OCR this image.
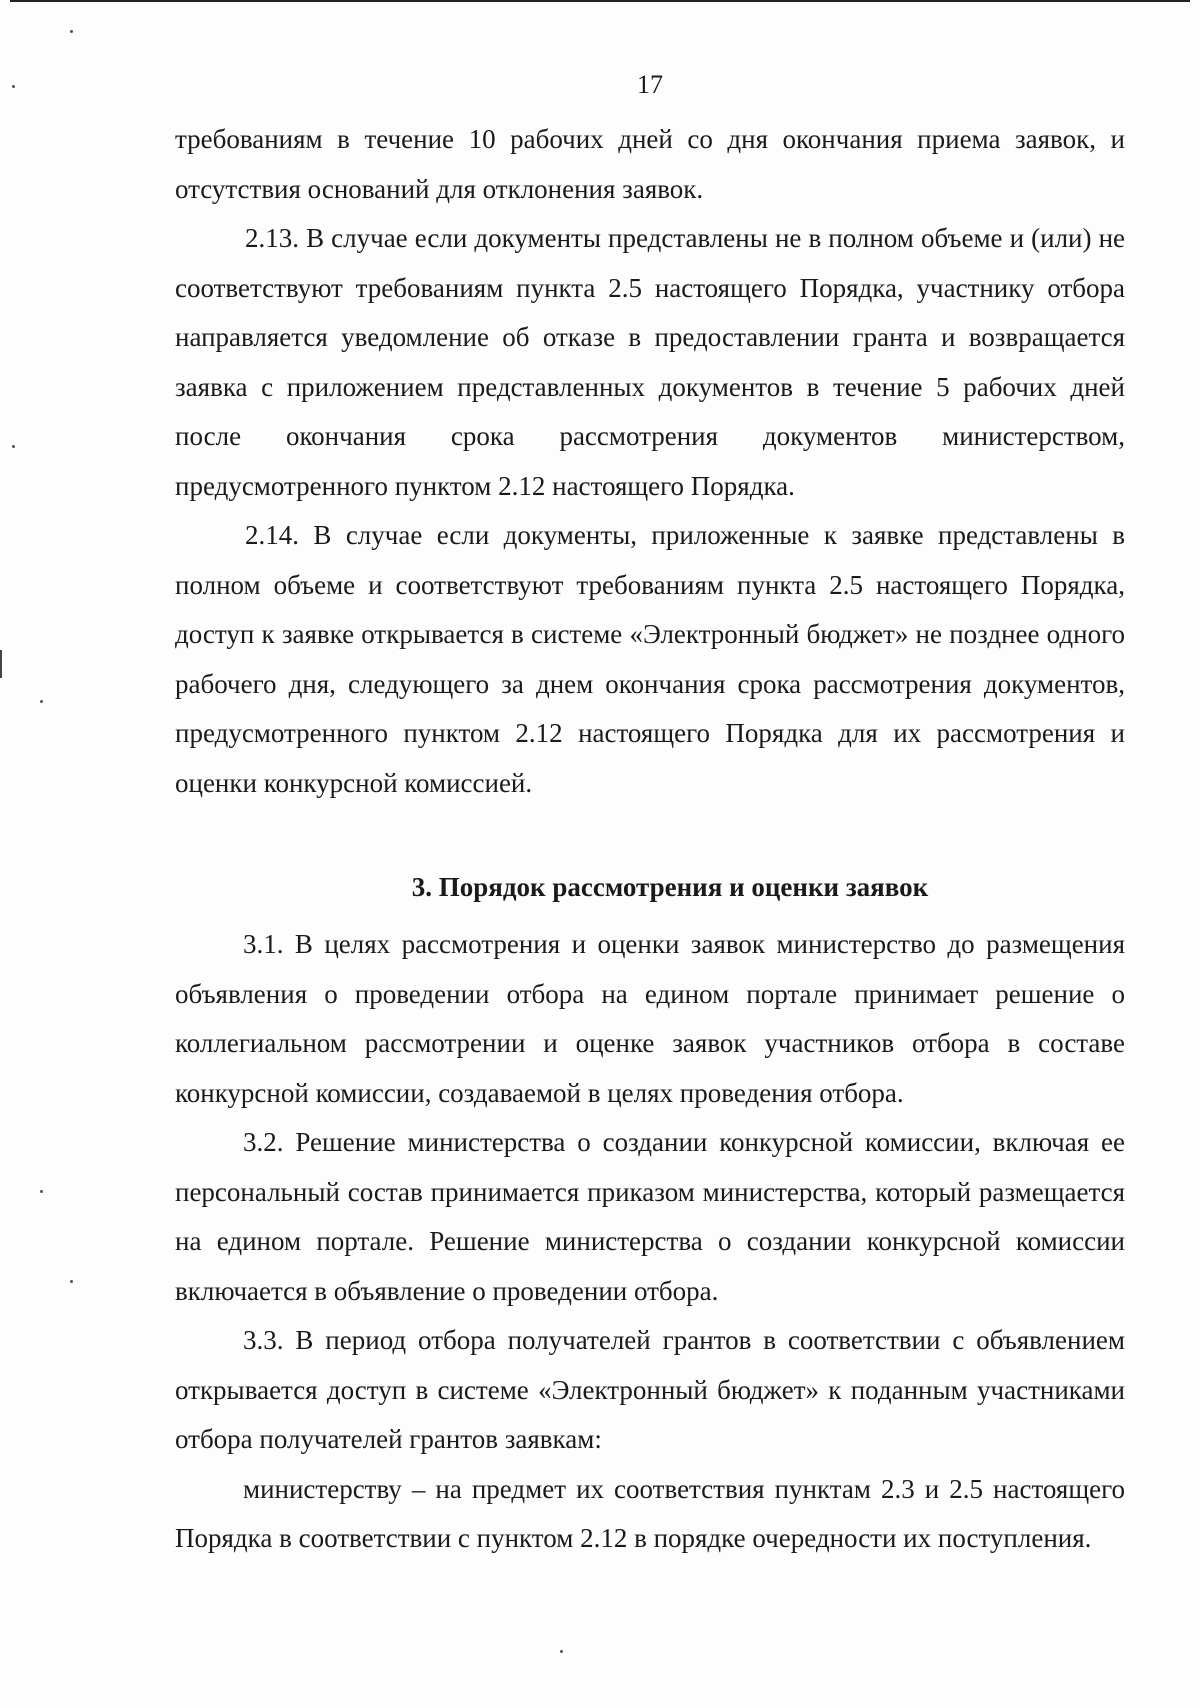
17

требованиям в течение 10 рабочих дней со дня окончания приема заявок, и отсутствия оснований для отклонения заявок.

2.13. В случае если документы представлены не в полном объеме и (или) не соответствуют требованиям пункта 2.5 настоящего Порядка, участнику отбора направляется уведомление об отказе в предоставлении гранта и возвращается заявка с приложением представленных документов в течение 5 рабочих дней после окончания срока рассмотрения документов министерством, предусмотренного пунктом 2.12 настоящего Порядка.

2.14. В случае если документы, приложенные к заявке представлены в полном объеме и соответствуют требованиям пункта 2.5 настоящего Порядка, доступ к заявке открывается в системе «Электронный бюджет» не позднее одного рабочего дня, следующего за днем окончания срока рассмотрения документов, предусмотренного пунктом 2.12 настоящего Порядка для их рассмотрения и оценки конкурсной комиссией.

3. Порядок рассмотрения и оценки заявок

3.1. В целях рассмотрения и оценки заявок министерство до размещения объявления о проведении отбора на едином портале принимает решение о коллегиальном рассмотрении и оценке заявок участников отбора в составе конкурсной комиссии, создаваемой в целях проведения отбора.

3.2. Решение министерства о создании конкурсной комиссии, включая ее персональный состав принимается приказом министерства, который размещается на едином портале. Решение министерства о создании конкурсной комиссии включается в объявление о проведении отбора.

3.3. В период отбора получателей грантов в соответствии с объявлением открывается доступ в системе «Электронный бюджет» к поданным участниками отбора получателей грантов заявкам:

министерству – на предмет их соответствия пунктам 2.3 и 2.5 настоящего Порядка в соответствии с пунктом 2.12 в порядке очередности их поступления.
